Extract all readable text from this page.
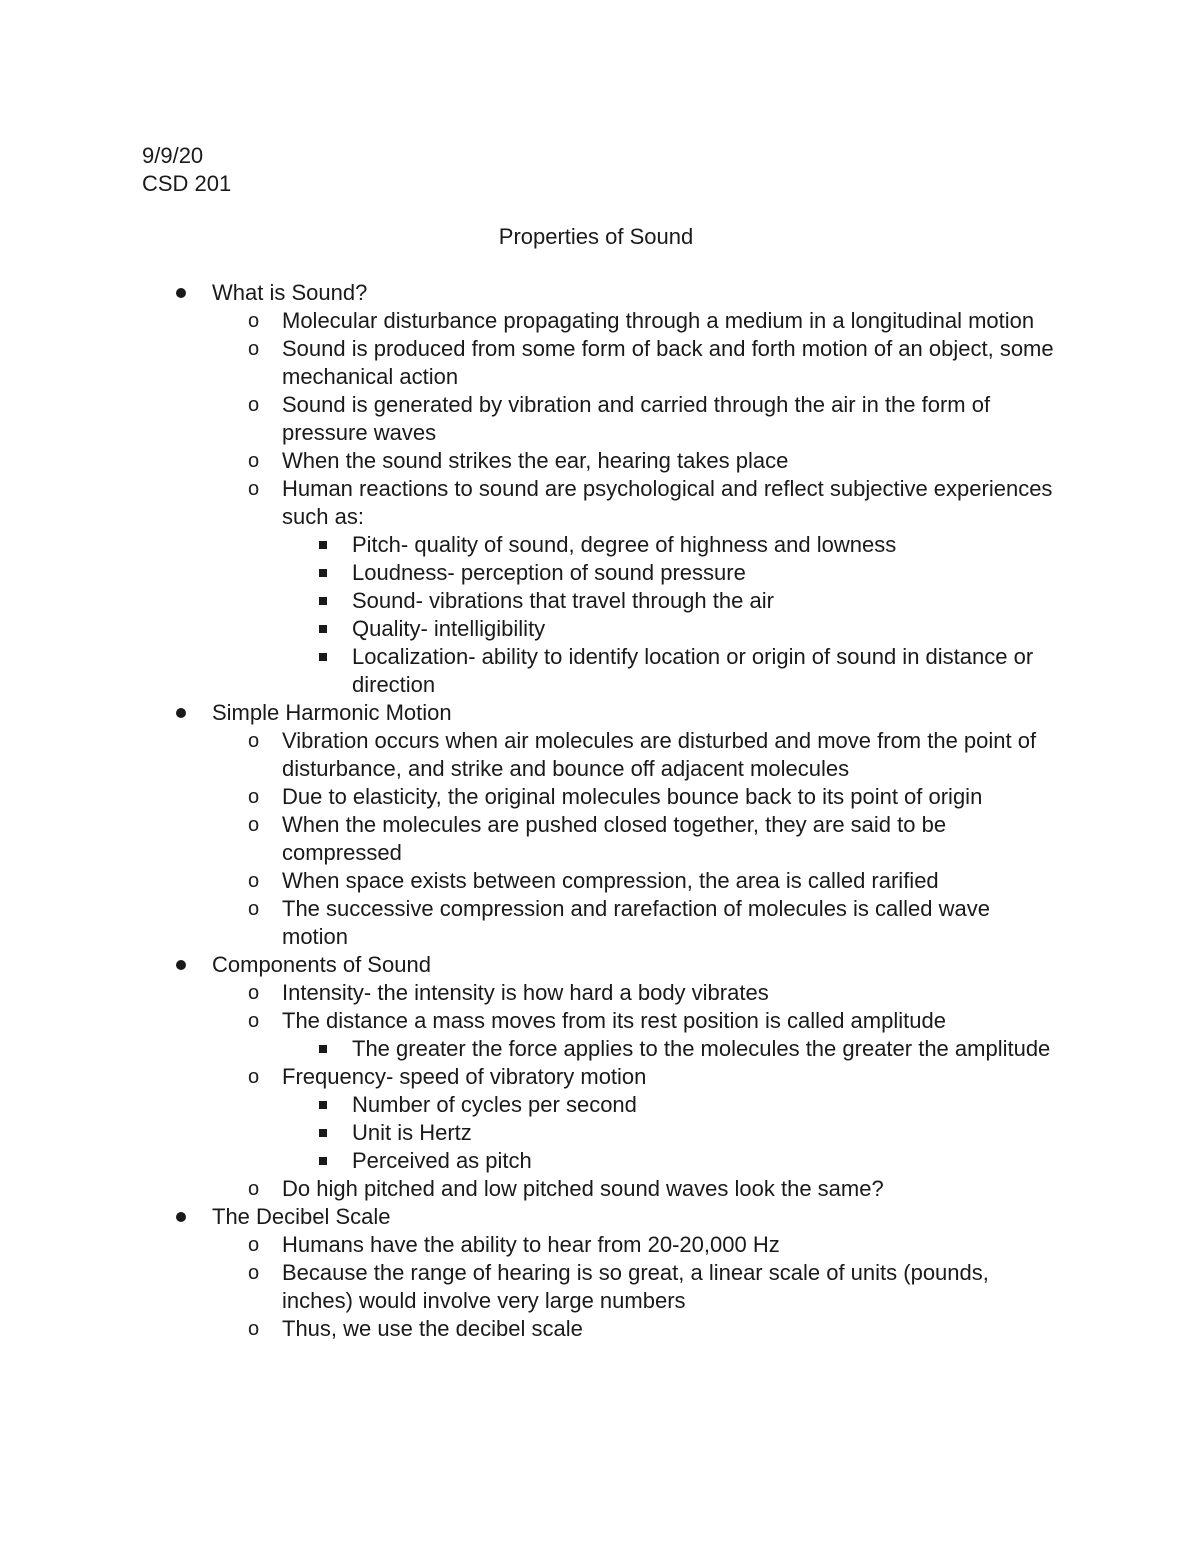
9/9/20
CSD 201
Properties of Sound
What is Sound?
o Molecular disturbance propagating through a medium in a longitudinal motion
o Sound is produced from some form of back and forth motion of an object, some mechanical action
o Sound is generated by vibration and carried through the air in the form of pressure waves
o When the sound strikes the ear, hearing takes place
o Human reactions to sound are psychological and reflect subjective experiences such as:
Pitch- quality of sound, degree of highness and lowness
Loudness- perception of sound pressure
Sound- vibrations that travel through the air
Quality- intelligibility
Localization- ability to identify location or origin of sound in distance or direction
Simple Harmonic Motion
o Vibration occurs when air molecules are disturbed and move from the point of disturbance, and strike and bounce off adjacent molecules
o Due to elasticity, the original molecules bounce back to its point of origin
o When the molecules are pushed closed together, they are said to be compressed
o When space exists between compression, the area is called rarified
o The successive compression and rarefaction of molecules is called wave motion
Components of Sound
o Intensity- the intensity is how hard a body vibrates
o The distance a mass moves from its rest position is called amplitude
The greater the force applies to the molecules the greater the amplitude
o Frequency- speed of vibratory motion
Number of cycles per second
Unit is Hertz
Perceived as pitch
o Do high pitched and low pitched sound waves look the same?
The Decibel Scale
o Humans have the ability to hear from 20-20,000 Hz
o Because the range of hearing is so great, a linear scale of units (pounds, inches) would involve very large numbers
o Thus, we use the decibel scale
